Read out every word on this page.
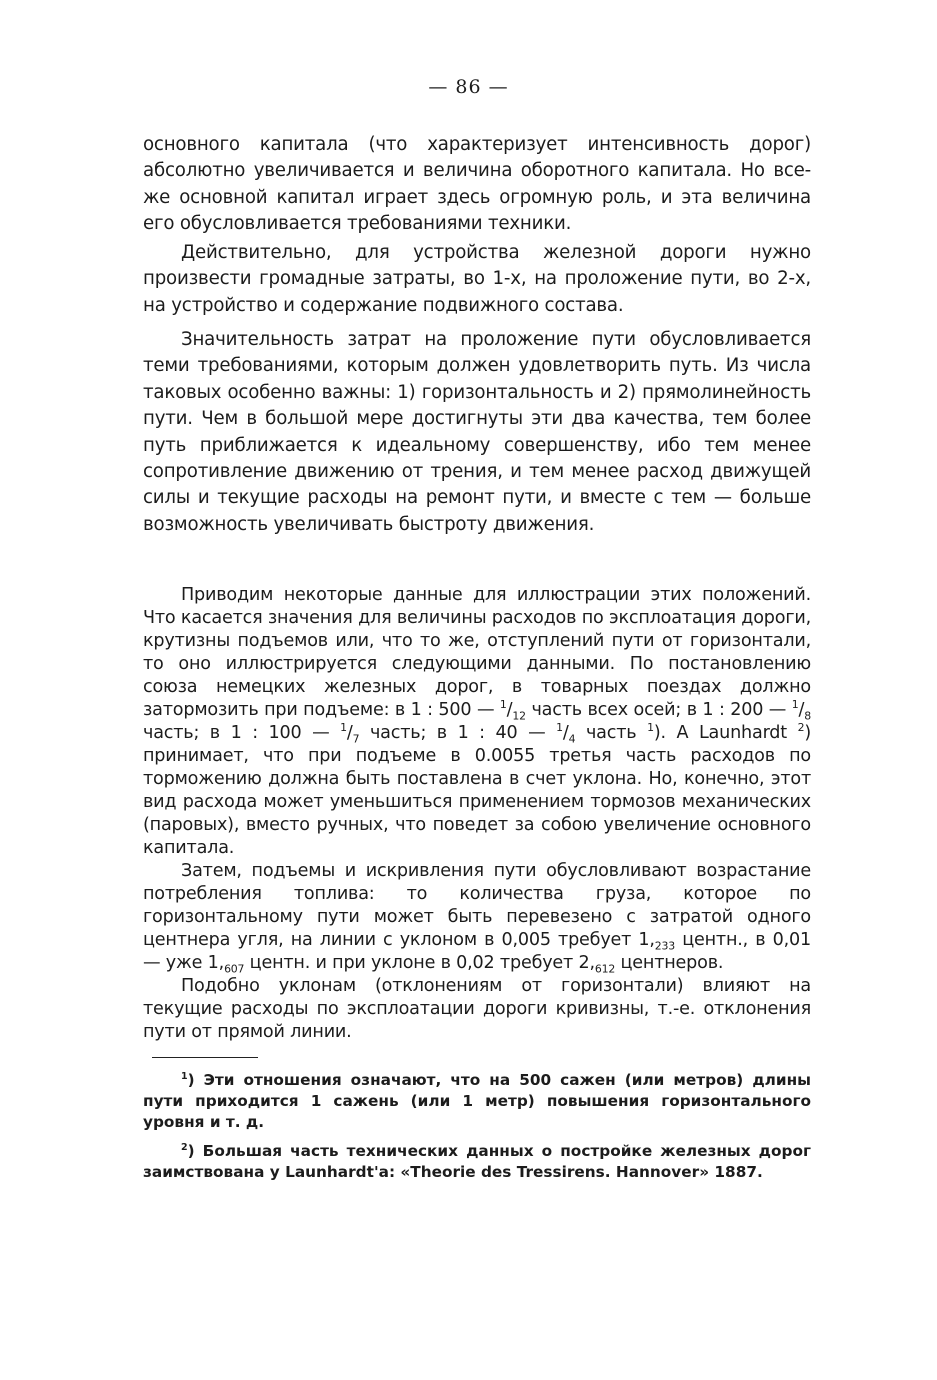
— 86 —

основного капитала (что характеризует интенсивность дорог) абсолютно увеличивается и величина оборотного капитала. Но все-же основной капитал играет здесь огромную роль, и эта величина его обусловливается требованиями техники.

Действительно, для устройства железной дороги нужно произвести громадные затраты, во 1-х, на проложение пути, во 2-х, на устройство и содержание подвижного состава.

Значительность затрат на проложение пути обусловливается теми требованиями, которым должен удовлетворить путь. Из числа таковых особенно важны: 1) горизонтальность и 2) прямолинейность пути. Чем в большой мере достигнуты эти два качества, тем более путь приближается к идеальному совершенству, ибо тем менее сопротивление движению от трения, и тем менее расход движущей силы и текущие расходы на ремонт пути, и вместе с тем — больше возможность увеличивать быстроту движения.

Приводим некоторые данные для иллюстрации этих положений. Что касается значения для величины расходов по эксплоатация дороги, крутизны подъемов или, что то же, отступлений пути от горизонтали, то оно иллюстрируется следующими данными. По постановлению союза немецких железных дорог, в товарных поездах должно затормозить при подъеме: в 1 : 500 — $^1/_{12}$ часть всех осей; в 1 : 200 — $^1/_8$ часть; в 1 : 100 — $^1/_7$ часть; в 1 : 40 — $^1/_4$ часть $^1$). A Launhardt $^2$) принимает, что при подъеме в 0.0055 третья часть расходов по торможению должна быть поставлена в счет уклона. Но, конечно, этот вид расхода может уменьшиться применением тормозов механических (паровых), вместо ручных, что поведет за собою увеличение основного капитала.

Затем, подъемы и искривления пути обусловливают возрастание потребления топлива: то количества груза, которое по горизонтальному пути может быть перевезено с затратой одного центнера угля, на линии с уклоном в 0,005 требует $1,_{233}$ центн., в 0,01 — уже $1,_{607}$ центн. и при уклоне в 0,02 требует $2,_{612}$ центнеров.

Подобно уклонам (отклонениям от горизонтали) влияют на текущие расходы по эксплоатации дороги кривизны, т.-е. отклонения пути от прямой линии.

$^1$) Эти отношения означают, что на 500 сажен (или метров) длины пути приходится 1 сажень (или 1 метр) повышения горизонтального уровня и т. д.

$^2$) Большая часть технических данных о постройке железных дорог заимствована у Launhardt'a: «Theorie des Tressirens. Hannover» 1887.
